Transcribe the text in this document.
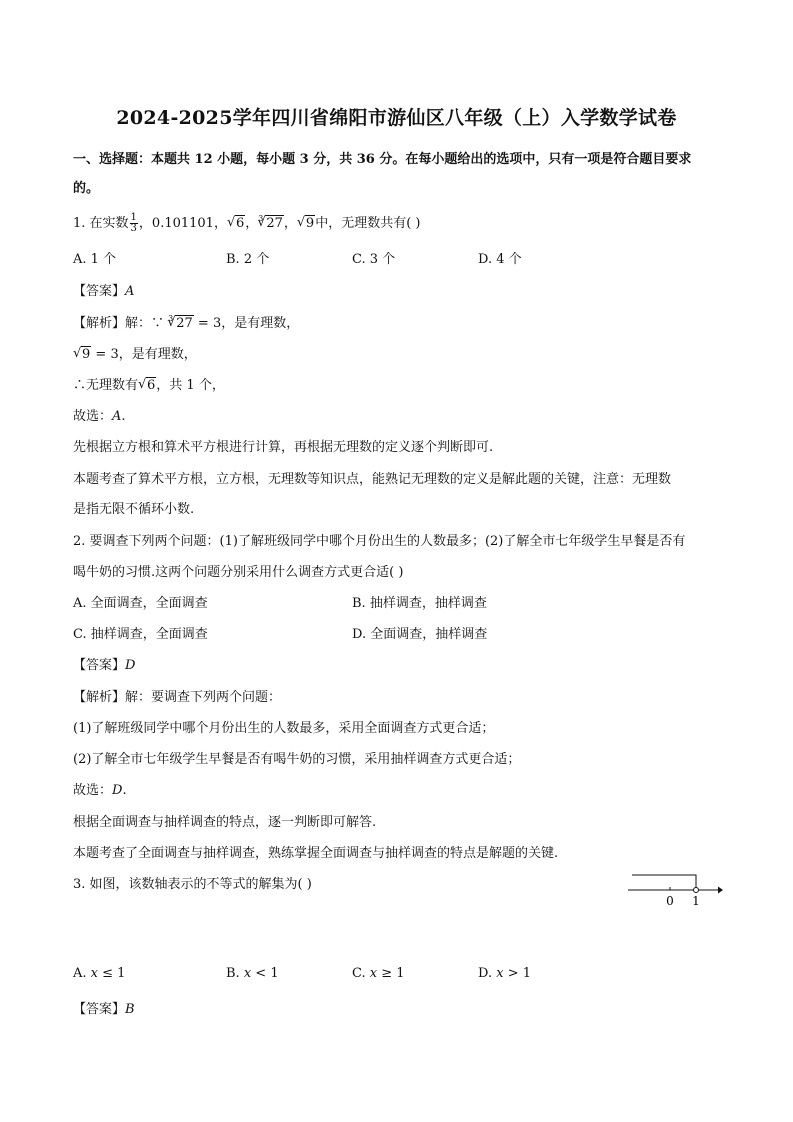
2024-2025学年四川省绵阳市游仙区八年级（上）入学数学试卷
一、选择题：本题共 12 小题，每小题 3 分，共 36 分。在每小题给出的选项中，只有一项是符合题目要求
的。
1. 在实数 $\frac{1}{3}$ ，0.101101， √ 6，$^3$ √ 27， √ 9中，无理数共有( )
A. 1 个	B. 2 个	C. 3 个	D. 4 个
【答案】A
【解析】解：∵ $^3$ √ 27 = 3，是有理数，
√ 9 = 3，是有理数，
∴无理数有 √ 6，共 1 个，
故选：A.
先根据立方根和算术平方根进行计算，再根据无理数的定义逐个判断即可.
本题考查了算术平方根，立方根，无理数等知识点，能熟记无理数的定义是解此题的关键，注意：无理数
是指无限不循环小数.
2. 要调查下列两个问题：(1)了解班级同学中哪个月份出生的人数最多；(2)了解全市七年级学生早餐是否有
喝牛奶的习惯.这两个问题分别采用什么调查方式更合适( )
A. 全面调查，全面调查	B. 抽样调查，抽样调查
C. 抽样调查，全面调查	D. 全面调查，抽样调查
【答案】D
【解析】解：要调查下列两个问题：
(1)了解班级同学中哪个月份出生的人数最多，采用全面调查方式更合适；
(2)了解全市七年级学生早餐是否有喝牛奶的习惯，采用抽样调查方式更合适；
故选：D.
根据全面调查与抽样调查的特点，逐一判断即可解答.
本题考查了全面调查与抽样调查，熟练掌握全面调查与抽样调查的特点是解题的关键.
3. 如图，该数轴表示的不等式的解集为( )
0 1
A. x ≤ 1	B. x < 1	C. x ≥ 1	D. x > 1
【答案】B
